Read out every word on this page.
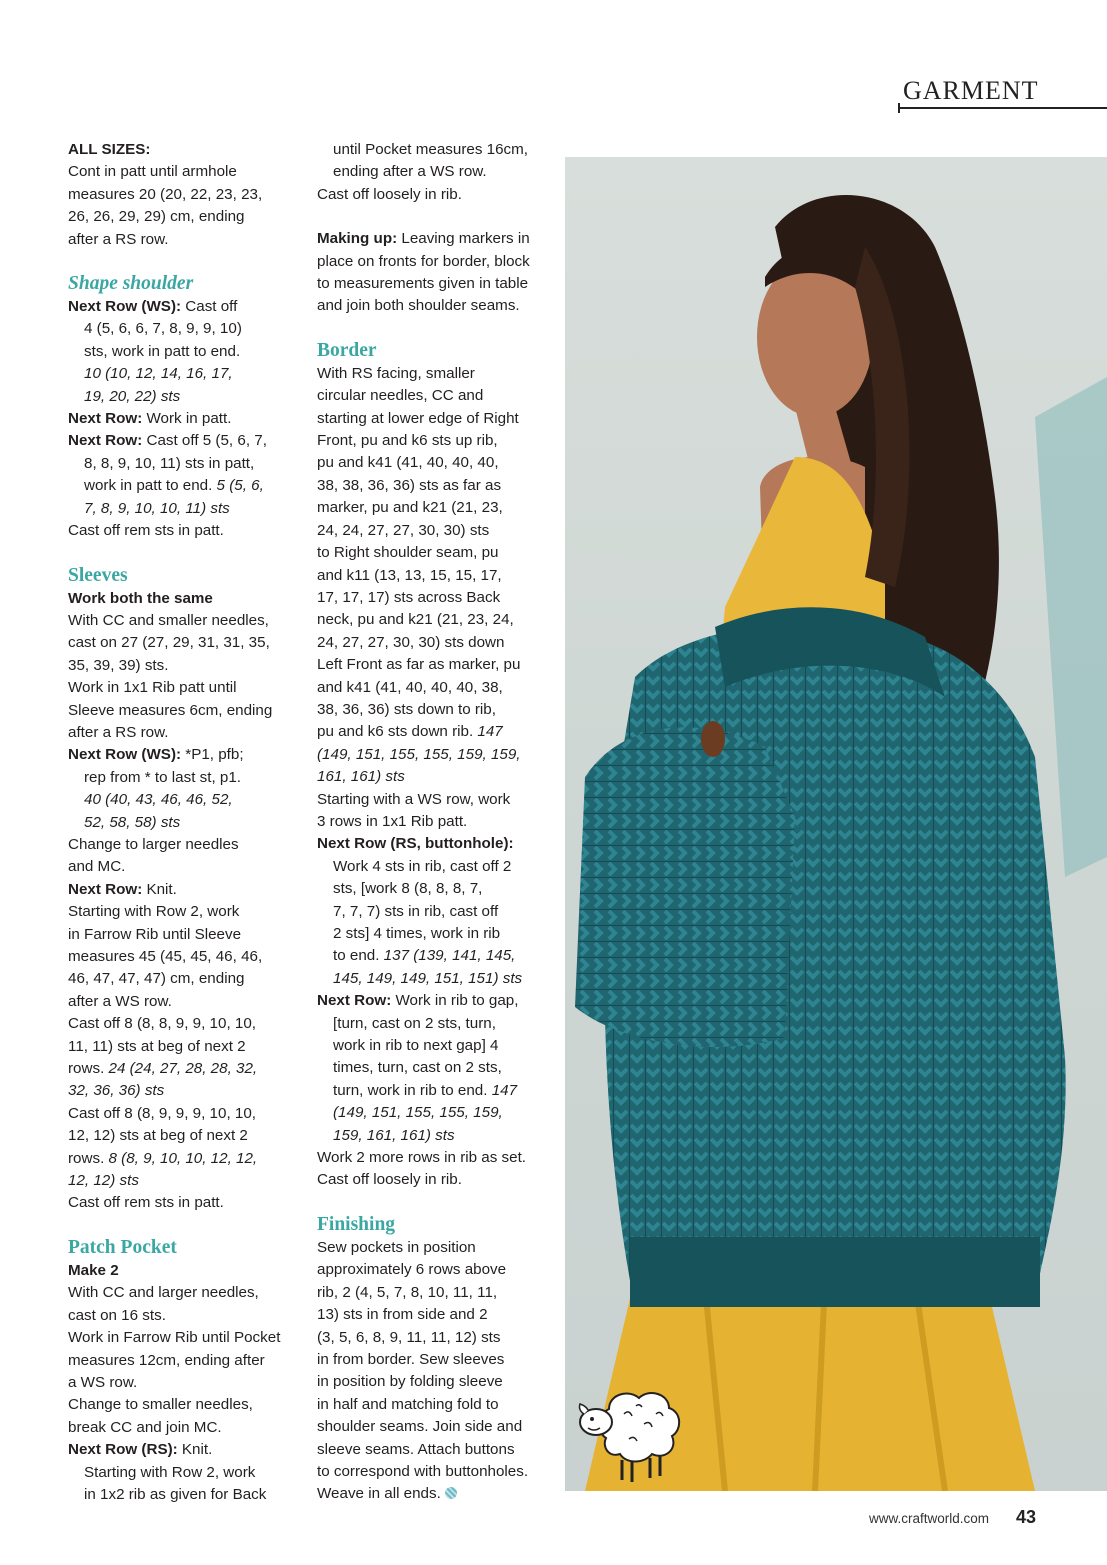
GARMENT
ALL SIZES:
Cont in patt until armhole
measures 20 (20, 22, 23, 23,
26, 26, 29, 29) cm, ending
after a RS row.
Shape shoulder
Next Row (WS): Cast off
4 (5, 6, 6, 7, 8, 9, 9, 10)
sts, work in patt to end.
10 (10, 12, 14, 16, 17,
19, 20, 22) sts
Next Row: Work in patt.
Next Row: Cast off 5 (5, 6, 7,
8, 8, 9, 10, 11) sts in patt,
work in patt to end. 5 (5, 6,
7, 8, 9, 10, 10, 11) sts
Cast off rem sts in patt.
Sleeves
Work both the same
With CC and smaller needles,
cast on 27 (27, 29, 31, 31, 35,
35, 39, 39) sts.
Work in 1x1 Rib patt until
Sleeve measures 6cm, ending
after a RS row.
Next Row (WS): *P1, pfb;
rep from * to last st, p1.
40 (40, 43, 46, 46, 52,
52, 58, 58) sts
Change to larger needles
and MC.
Next Row: Knit.
Starting with Row 2, work
in Farrow Rib until Sleeve
measures 45 (45, 45, 46, 46,
46, 47, 47, 47) cm, ending
after a WS row.
Cast off 8 (8, 8, 9, 9, 10, 10,
11, 11) sts at beg of next 2
rows. 24 (24, 27, 28, 28, 32,
32, 36, 36) sts
Cast off 8 (8, 9, 9, 9, 10, 10,
12, 12) sts at beg of next 2
rows. 8 (8, 9, 10, 10, 12, 12,
12, 12) sts
Cast off rem sts in patt.
Patch Pocket
Make 2
With CC and larger needles,
cast on 16 sts.
Work in Farrow Rib until Pocket
measures 12cm, ending after
a WS row.
Change to smaller needles,
break CC and join MC.
Next Row (RS): Knit.
Starting with Row 2, work
in 1x2 rib as given for Back
until Pocket measures 16cm,
ending after a WS row.
Cast off loosely in rib.
Making up: Leaving markers in
place on fronts for border, block
to measurements given in table
and join both shoulder seams.
Border
With RS facing, smaller
circular needles, CC and
starting at lower edge of Right
Front, pu and k6 sts up rib,
pu and k41 (41, 40, 40, 40,
38, 38, 36, 36) sts as far as
marker, pu and k21 (21, 23,
24, 24, 27, 27, 30, 30) sts
to Right shoulder seam, pu
and k11 (13, 13, 15, 15, 17,
17, 17, 17) sts across Back
neck, pu and k21 (21, 23, 24,
24, 27, 27, 30, 30) sts down
Left Front as far as marker, pu
and k41 (41, 40, 40, 40, 38,
38, 36, 36) sts down to rib,
pu and k6 sts down rib. 147
(149, 151, 155, 155, 159, 159,
161, 161) sts
Starting with a WS row, work
3 rows in 1x1 Rib patt.
Next Row (RS, buttonhole):
Work 4 sts in rib, cast off 2
sts, [work 8 (8, 8, 8, 7,
7, 7, 7) sts in rib, cast off
2 sts] 4 times, work in rib
to end. 137 (139, 141, 145,
145, 149, 149, 151, 151) sts
Next Row: Work in rib to gap,
[turn, cast on 2 sts, turn,
work in rib to next gap] 4
times, turn, cast on 2 sts,
turn, work in rib to end. 147
(149, 151, 155, 155, 159,
159, 161, 161) sts
Work 2 more rows in rib as set.
Cast off loosely in rib.
Finishing
Sew pockets in position
approximately 6 rows above
rib, 2 (4, 5, 7, 8, 10, 11, 11,
13) sts in from side and 2
(3, 5, 6, 8, 9, 11, 11, 12) sts
in from border. Sew sleeves
in position by folding sleeve
in half and matching fold to
shoulder seams. Join side and
sleeve seams. Attach buttons
to correspond with buttonholes.
Weave in all ends.
www.craftworld.com 43
